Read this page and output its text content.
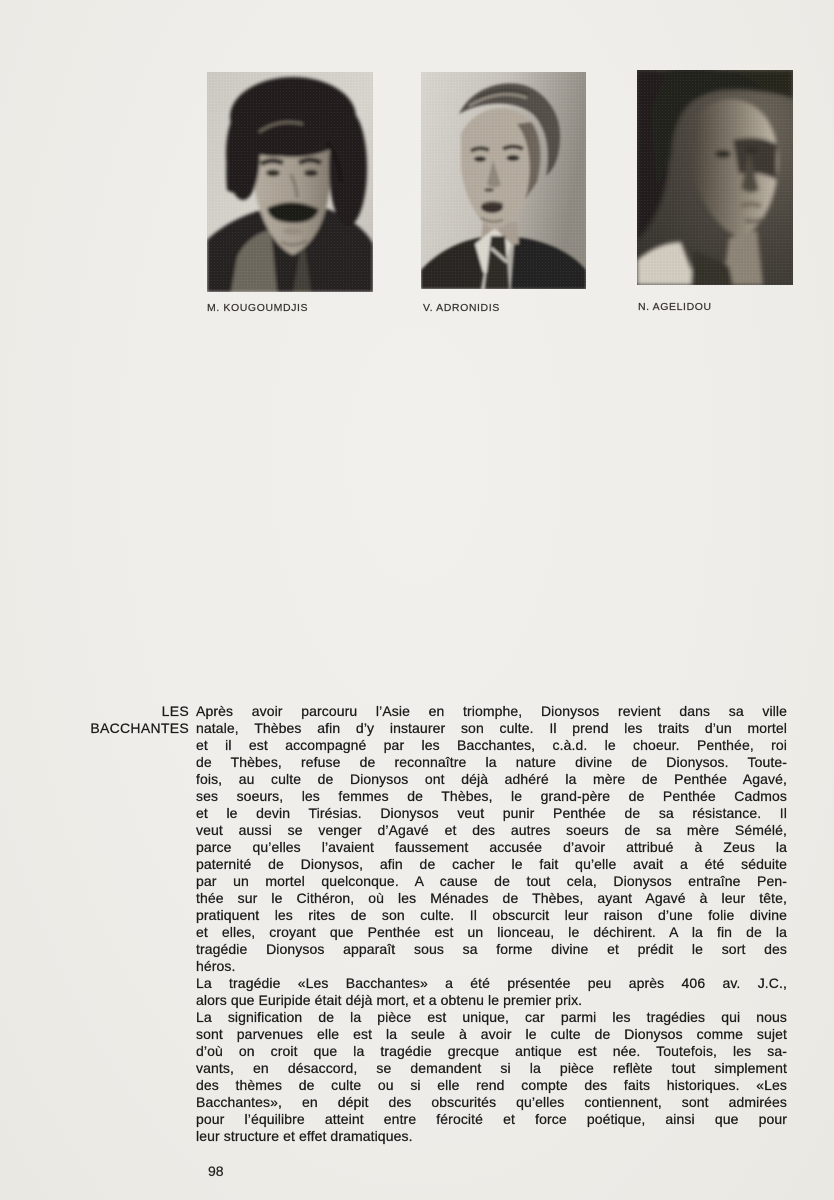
M. KOUGOUMDJIS	V. ADRONIDIS	N. AGELIDOU
LES
BACCHANTES
Après avoir parcouru l’Asie en triomphe, Dionysos revient dans sa ville
natale, Thèbes afin d’y instaurer son culte. Il prend les traits d’un mortel
et il est accompagné par les Bacchantes, c.à.d. le choeur. Penthée, roi
de Thèbes, refuse de reconnaître la nature divine de Dionysos. Toute-
fois, au culte de Dionysos ont déjà adhéré la mère de Penthée Agavé,
ses soeurs, les femmes de Thèbes, le grand-père de Penthée Cadmos
et le devin Tirésias. Dionysos veut punir Penthée de sa résistance. Il
veut aussi se venger d’Agavé et des autres soeurs de sa mère Sémélé,
parce qu’elles l’avaient faussement accusée d’avoir attribué à Zeus la
paternité de Dionysos, afin de cacher le fait qu’elle avait a été séduite
par un mortel quelconque. A cause de tout cela, Dionysos entraîne Pen-
thée sur le Cithéron, où les Ménades de Thèbes, ayant Agavé à leur tête,
pratiquent les rites de son culte. Il obscurcit leur raison d’une folie divine
et elles, croyant que Penthée est un lionceau, le déchirent. A la fin de la
tragédie Dionysos apparaît sous sa forme divine et prédit le sort des
héros.
La tragédie «Les Bacchantes» a été présentée peu après 406 av. J.C.,
alors que Euripide était déjà mort, et a obtenu le premier prix.
La signification de la pièce est unique, car parmi les tragédies qui nous
sont parvenues elle est la seule à avoir le culte de Dionysos comme sujet
d’où on croit que la tragédie grecque antique est née. Toutefois, les sa-
vants, en désaccord, se demandent si la pièce reflète tout simplement
des thèmes de culte ou si elle rend compte des faits historiques. «Les
Bacchantes», en dépit des obscurités qu’elles contiennent, sont admirées
pour l’équilibre atteint entre férocité et force poétique, ainsi que pour
leur structure et effet dramatiques.
98
